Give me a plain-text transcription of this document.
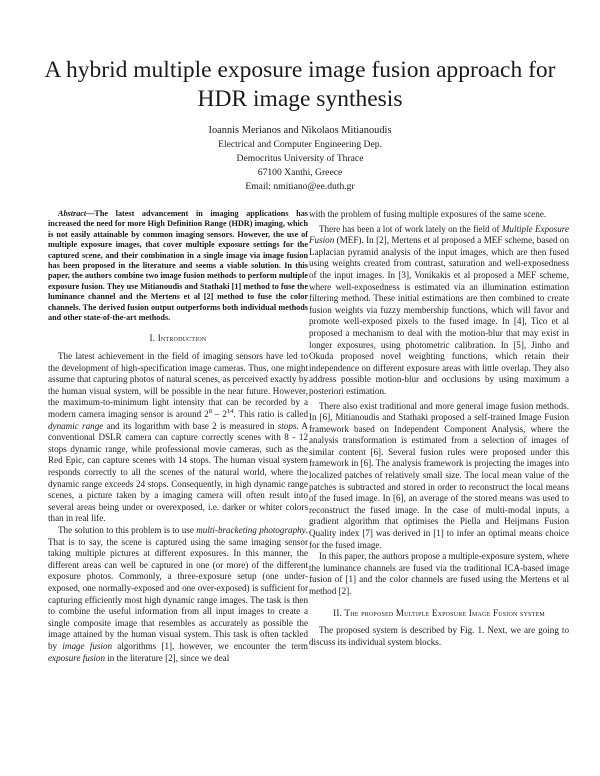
A hybrid multiple exposure image fusion approach for HDR image synthesis
Ioannis Merianos and Nikolaos Mitianoudis
Electrical and Computer Engineering Dep.
Democritus University of Thrace
67100 Xanthi, Greece
Email: nmitiano@ee.duth.gr

Abstract—The latest advancement in imaging applications has increased the need for more High Definition Range (HDR) imaging, which is not easily attainable by common imaging sensors. However, the use of multiple exposure images, that cover multiple exposure settings for the captured scene, and their combination in a single image via image fusion has been proposed in the literature and seems a viable solution. In this paper, the authors combine two image fusion methods to perform multiple exposure fusion. They use Mitianoudis and Stathaki [1] method to fuse the luminance channel and the Mertens et al [2] method to fuse the color channels. The derived fusion output outperforms both individual methods and other state-of-the-art methods.

I. Introduction

The latest achievement in the field of imaging sensors have led to the development of high-specification image cameras. Thus, one might assume that capturing photos of natural scenes, as perceived exactly by the human visual system, will be possible in the near future. However, the maximum-to-minimum light intensity that can be recorded by a modern camera imaging sensor is around $2^8 - 2^{14}$. This ratio is called dynamic range and its logarithm with base 2 is measured in stops. A conventional DSLR camera can capture correctly scenes with 8 - 12 stops dynamic range, while professional movie cameras, such as the Red Epic, can capture scenes with 14 stops. The human visual system responds correctly to all the scenes of the natural world, where the dynamic range exceeds 24 stops. Consequently, in high dynamic range scenes, a picture taken by a imaging camera will often result into several areas being under or overexposed, i.e. darker or whiter colors than in real life.

The solution to this problem is to use multi-bracketing photography. That is to say, the scene is captured using the same imaging sensor taking multiple pictures at different exposures. In this manner, the different areas can well be captured in one (or more) of the different exposure photos. Commonly, a three-exposure setup (one under-exposed, one normally-exposed and one over-exposed) is sufficient for capturing efficiently most high dynamic range images. The task is then to combine the useful information from all input images to create a single composite image that resembles as accurately as possible the image attained by the human visual system. This task is often tackled by image fusion algorithms [1], however, we encounter the term exposure fusion in the literature [2], since we deal

with the problem of fusing multiple exposures of the same scene.

There has been a lot of work lately on the field of Multiple Exposure Fusion (MEF). In [2], Mertens et al proposed a MEF scheme, based on Laplacian pyramid analysis of the input images, which are then fused using weights created from contrast, saturation and well-exposedness of the input images. In [3], Vonikakis et al proposed a MEF scheme, where well-exposedness is estimated via an illumination estimation filtering method. These initial estimations are then combined to create fusion weights via fuzzy membership functions, which will favor and promote well-exposed pixels to the fused image. In [4], Tico et al proposed a mechanism to deal with the motion-blur that may exist in longer exposures, using photometric calibration. In [5], Jinho and Okuda proposed novel weighting functions, which retain their independence on different exposure areas with little overlap. They also address possible motion-blur and occlusions by using maximum a posteriori estimation.

There also exist traditional and more general image fusion methods. In [6], Mitianoudis and Stathaki proposed a self-trained Image Fusion framework based on Independent Component Analysis, where the analysis transformation is estimated from a selection of images of similar content [6]. Several fusion rules were proposed under this framework in [6]. The analysis framework is projecting the images into localized patches of relatively small size. The local mean value of the patches is subtracted and stored in order to reconstruct the local means of the fused image. In [6], an average of the stored means was used to reconstruct the fused image. In the case of multi-modal inputs, a gradient algorithm that optimises the Piella and Heijmans Fusion Quality index [7] was derived in [1] to infer an optimal means choice for the fused image.

In this paper, the authors propose a multiple-exposure system, where the luminance channels are fused via the traditional ICA-based image fusion of [1] and the color channels are fused using the Mertens et al method [2].

II. The proposed Multiple Exposure Image Fusion system

The proposed system is described by Fig. 1. Next, we are going to discuss its individual system blocks.
